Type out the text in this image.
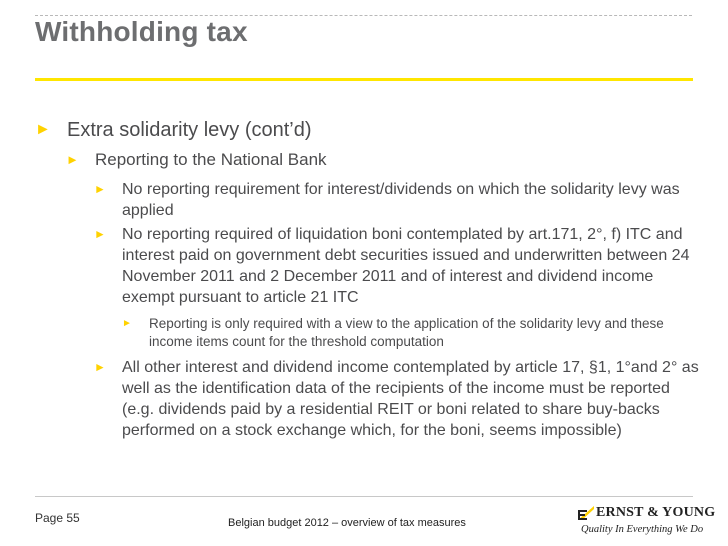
Withholding tax
► Extra solidarity levy (cont’d)
► Reporting to the National Bank
►	No reporting requirement for interest/dividends on which the solidarity levy was applied
►	No reporting required of liquidation boni contemplated by art.171, 2°, f) ITC and interest paid on government debt securities issued and underwritten between 24 November 2011 and 2 December 2011 and of interest and dividend income exempt pursuant to article 21 ITC
►	Reporting is only required with a view to the application of the solidarity levy and these income items count for the threshold computation
►	All other interest and dividend income contemplated by article 17, §1, 1°and 2° as well as the identification data of the recipients of the income must be reported (e.g. dividends paid by a residential REIT or boni related to share buy-backs performed on a stock exchange which, for the boni, seems impossible)
Page 55	Belgian budget 2012 – overview of tax measures
ERNST & YOUNG
Quality In Everything We Do
